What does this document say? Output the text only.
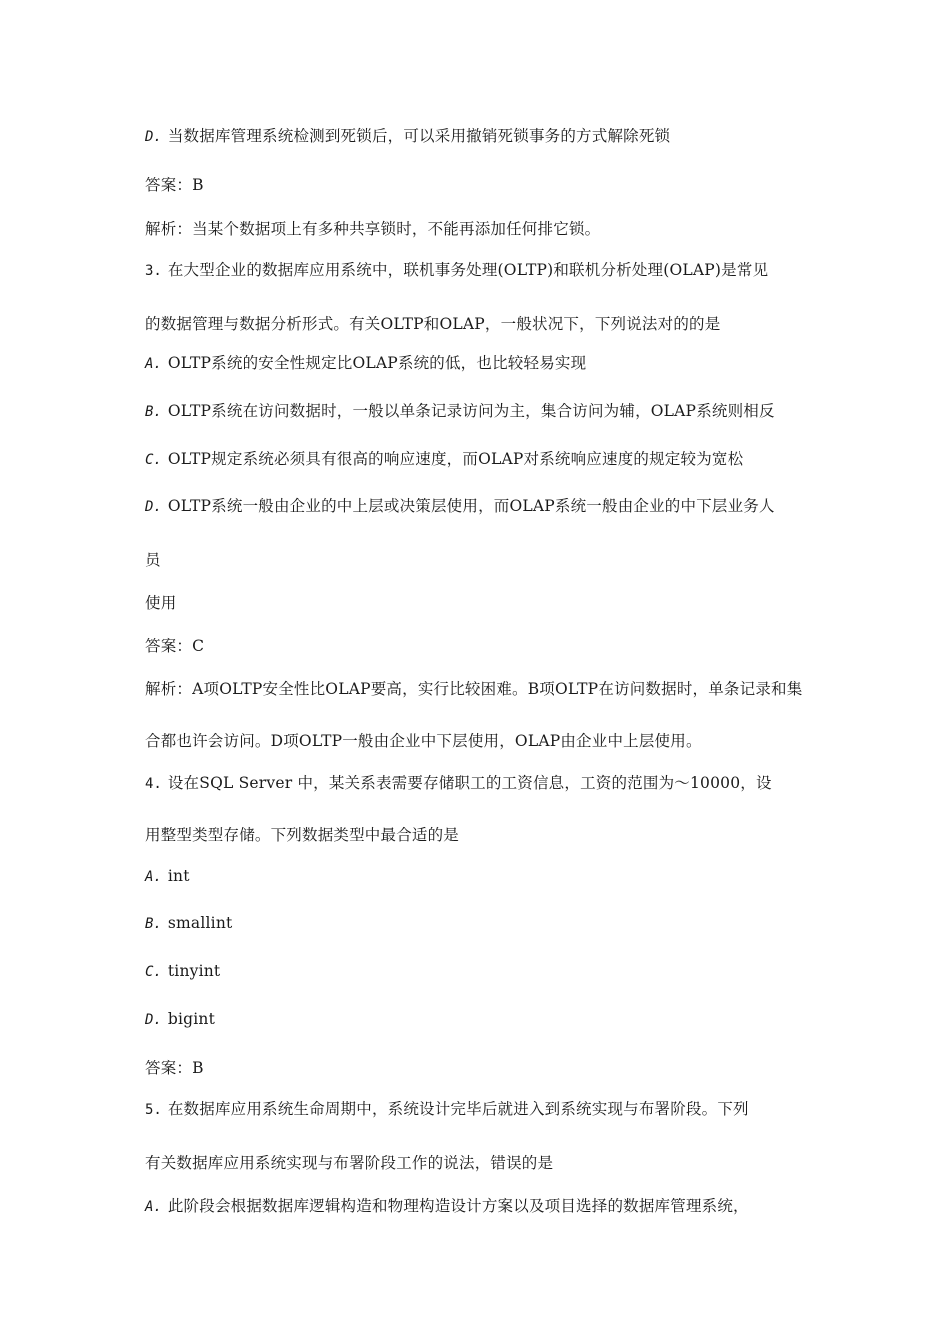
D. 当数据库管理系统检测到死锁后，可以采用撤销死锁事务的方式解除死锁
答案：B
解析：当某个数据项上有多种共享锁时，不能再添加任何排它锁。
3. 在大型企业的数据库应用系统中，联机事务处理(OLTP)和联机分析处理(OLAP)是常见
的数据管理与数据分析形式。有关OLTP和OLAP，一般状况下，下列说法对的的是
A. OLTP系统的安全性规定比OLAP系统的低，也比较轻易实现
B. OLTP系统在访问数据时，一般以单条记录访问为主，集合访问为辅，OLAP系统则相反
C. OLTP规定系统必须具有很高的响应速度，而OLAP对系统响应速度的规定较为宽松
D. OLTP系统一般由企业的中上层或决策层使用，而OLAP系统一般由企业的中下层业务人
员
使用
答案：C
解析：A项OLTP安全性比OLAP要高，实行比较困难。B项OLTP在访问数据时，单条记录和集
合都也许会访问。D项OLTP一般由企业中下层使用，OLAP由企业中上层使用。
4. 设在SQL Server 中，某关系表需要存储职工的工资信息，工资的范围为～10000，设
用整型类型存储。下列数据类型中最合适的是
A. int
B. smallint
C. tinyint
D. bigint
答案：B
5. 在数据库应用系统生命周期中，系统设计完毕后就进入到系统实现与布署阶段。下列
有关数据库应用系统实现与布署阶段工作的说法，错误的是
A. 此阶段会根据数据库逻辑构造和物理构造设计方案以及项目选择的数据库管理系统，
